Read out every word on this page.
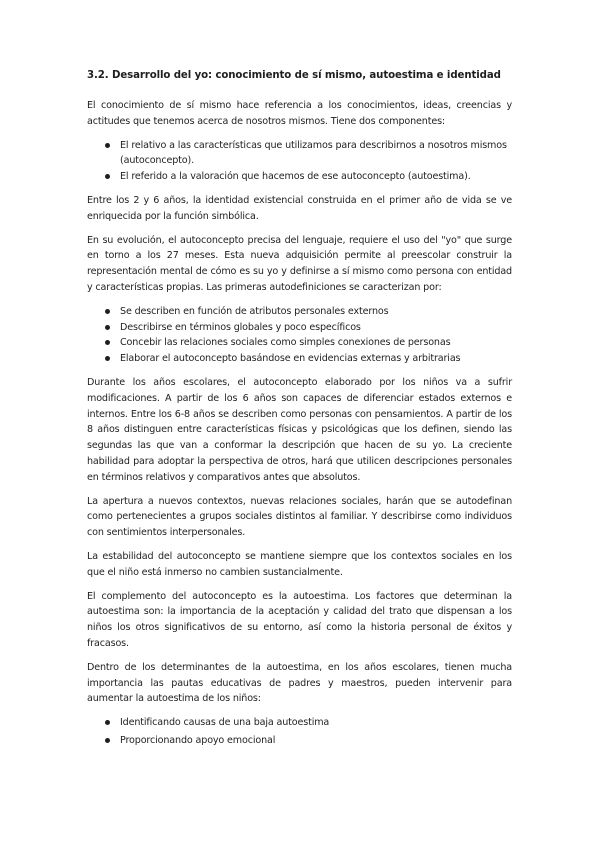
3.2. Desarrollo del yo: conocimiento de sí mismo, autoestima e identidad

El conocimiento de sí mismo hace referencia a los conocimientos, ideas, creencias y actitudes que tenemos acerca de nosotros mismos. Tiene dos componentes:

El relativo a las características que utilizamos para describirnos a nosotros mismos (autoconcepto).
El referido a la valoración que hacemos de ese autoconcepto (autoestima).

Entre los 2 y 6 años, la identidad existencial construida en el primer año de vida se ve enriquecida por la función simbólica.

En su evolución, el autoconcepto precisa del lenguaje, requiere el uso del "yo" que surge en torno a los 27 meses. Esta nueva adquisición permite al preescolar construir la representación mental de cómo es su yo y definirse a sí mismo como persona con entidad y características propias. Las primeras autodefiniciones se caracterizan por:

Se describen en función de atributos personales externos
Describirse en términos globales y poco específicos
Concebir las relaciones sociales como simples conexiones de personas
Elaborar el autoconcepto basándose en evidencias externas y arbitrarias

Durante los años escolares, el autoconcepto elaborado por los niños va a sufrir modificaciones. A partir de los 6 años son capaces de diferenciar estados externos e internos. Entre los 6-8 años se describen como personas con pensamientos. A partir de los 8 años distinguen entre características físicas y psicológicas que los definen, siendo las segundas las que van a conformar la descripción que hacen de su yo. La creciente habilidad para adoptar la perspectiva de otros, hará que utilicen descripciones personales en términos relativos y comparativos antes que absolutos.

La apertura a nuevos contextos, nuevas relaciones sociales, harán que se autodefinan como pertenecientes a grupos sociales distintos al familiar. Y describirse como individuos con sentimientos interpersonales.

La estabilidad del autoconcepto se mantiene siempre que los contextos sociales en los que el niño está inmerso no cambien sustancialmente.

El complemento del autoconcepto es la autoestima. Los factores que determinan la autoestima son: la importancia de la aceptación y calidad del trato que dispensan a los niños los otros significativos de su entorno, así como la historia personal de éxitos y fracasos.

Dentro de los determinantes de la autoestima, en los años escolares, tienen mucha importancia las pautas educativas de padres y maestros, pueden intervenir para aumentar la autoestima de los niños:

Identificando causas de una baja autoestima
Proporcionando apoyo emocional
